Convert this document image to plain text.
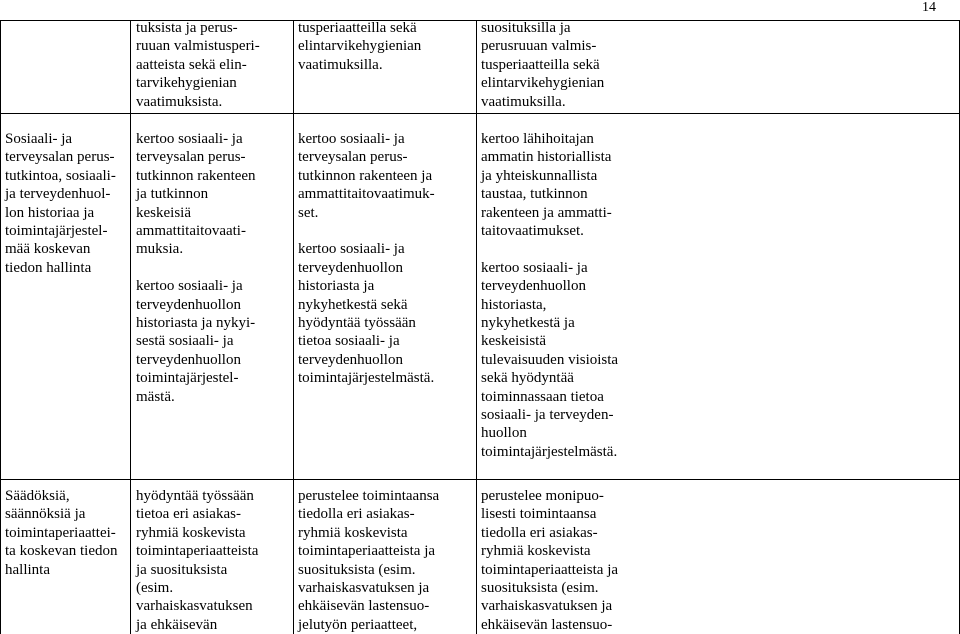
14
tuksista ja perus-
ruuan valmistusperi-
aatteista sekä elin-
tarvikehygienian
vaatimuksista.
tusperiaatteilla sekä
elintarvikehygienian
vaatimuksilla.
suosituksilla ja
perusruuan valmis-
tusperiaatteilla sekä
elintarvikehygienian
vaatimuksilla.
Sosiaali- ja
terveysalan perus-
tutkintoa, sosiaali-
ja terveydenhuol-
lon historiaa ja
toimintajärjestel-
mää koskevan
tiedon hallinta
kertoo sosiaali- ja
terveysalan perus-
tutkinnon rakenteen
ja tutkinnon
keskeisiä
ammattitaitovaati-
muksia.
kertoo sosiaali- ja
terveydenhuollon
historiasta ja nykyi-
sestä sosiaali- ja
terveydenhuollon
toimintajärjestel-
mästä.
kertoo sosiaali- ja
terveysalan perus-
tutkinnon rakenteen ja
ammattitaitovaatimuk-
set.
kertoo sosiaali- ja
terveydenhuollon
historiasta ja
nykyhetkestä sekä
hyödyntää työssään
tietoa sosiaali- ja
terveydenhuollon
toimintajärjestelmästä.
kertoo lähihoitajan
ammatin historiallista
ja yhteiskunnallista
taustaa, tutkinnon
rakenteen ja ammatti-
taitovaatimukset.
kertoo sosiaali- ja
terveydenhuollon
historiasta,
nykyhetkestä ja
keskeisistä
tulevaisuuden visioista
sekä hyödyntää
toiminnassaan tietoa
sosiaali- ja terveyden-
huollon
toimintajärjestelmästä.
Säädöksiä,
säännöksiä ja
toimintaperiaattei-
ta koskevan tiedon
hallinta
hyödyntää työssään
tietoa eri asiakas-
ryhmiä koskevista
toimintaperiaatteista
ja suosituksista
(esim.
varhaiskasvatuksen
ja ehkäisevän
perustelee toimintaansa
tiedolla eri asiakas-
ryhmiä koskevista
toimintaperiaatteista ja
suosituksista (esim.
varhaiskasvatuksen ja
ehkäisevän lastensuo-
jelutyön periaatteet,
perustelee monipuo-
lisesti toimintaansa
tiedolla eri asiakas-
ryhmiä koskevista
toimintaperiaatteista ja
suosituksista (esim.
varhaiskasvatuksen ja
ehkäisevän lastensuo-
